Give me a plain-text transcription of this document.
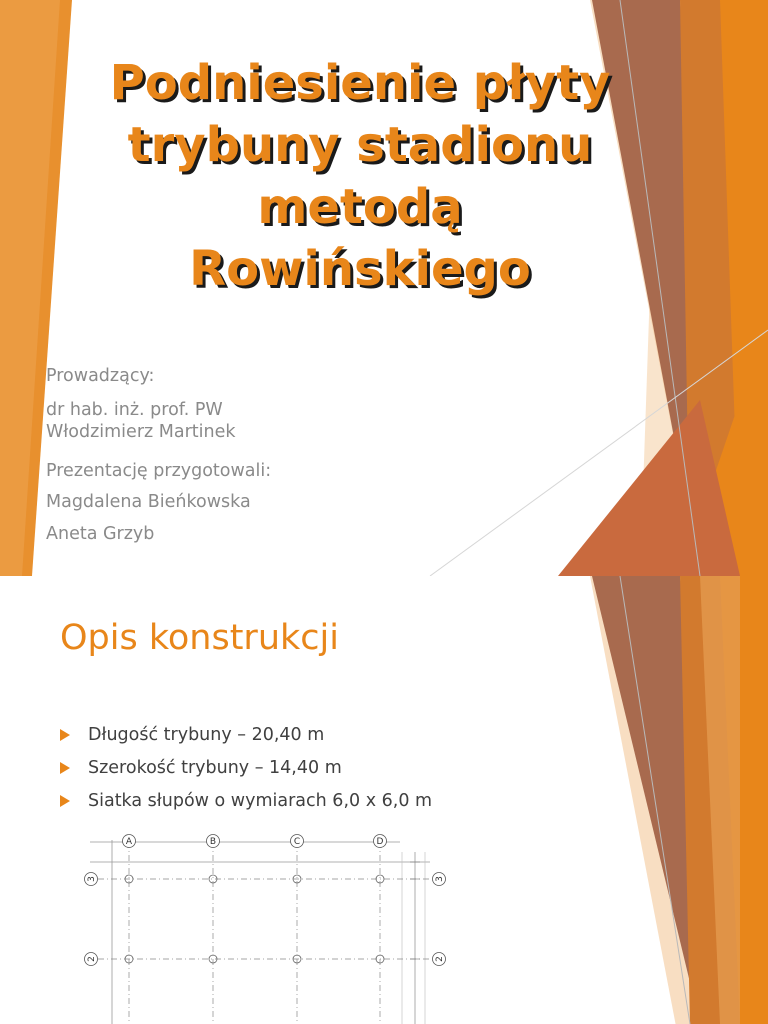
Podniesienie płyty
trybuny stadionu
metodą
Rowińskiego
Prowadzący:
dr hab. inż. prof. PW
Włodzimierz Martinek
Prezentację przygotowali:
Magdalena Bieńkowska
Aneta Grzyb
Opis konstrukcji
Długość trybuny – 20,40 m
Szerokość trybuny – 14,40 m
Siatka słupów o wymiarach 6,0 x 6,0 m
A	B	C	D
3	3
2	2
